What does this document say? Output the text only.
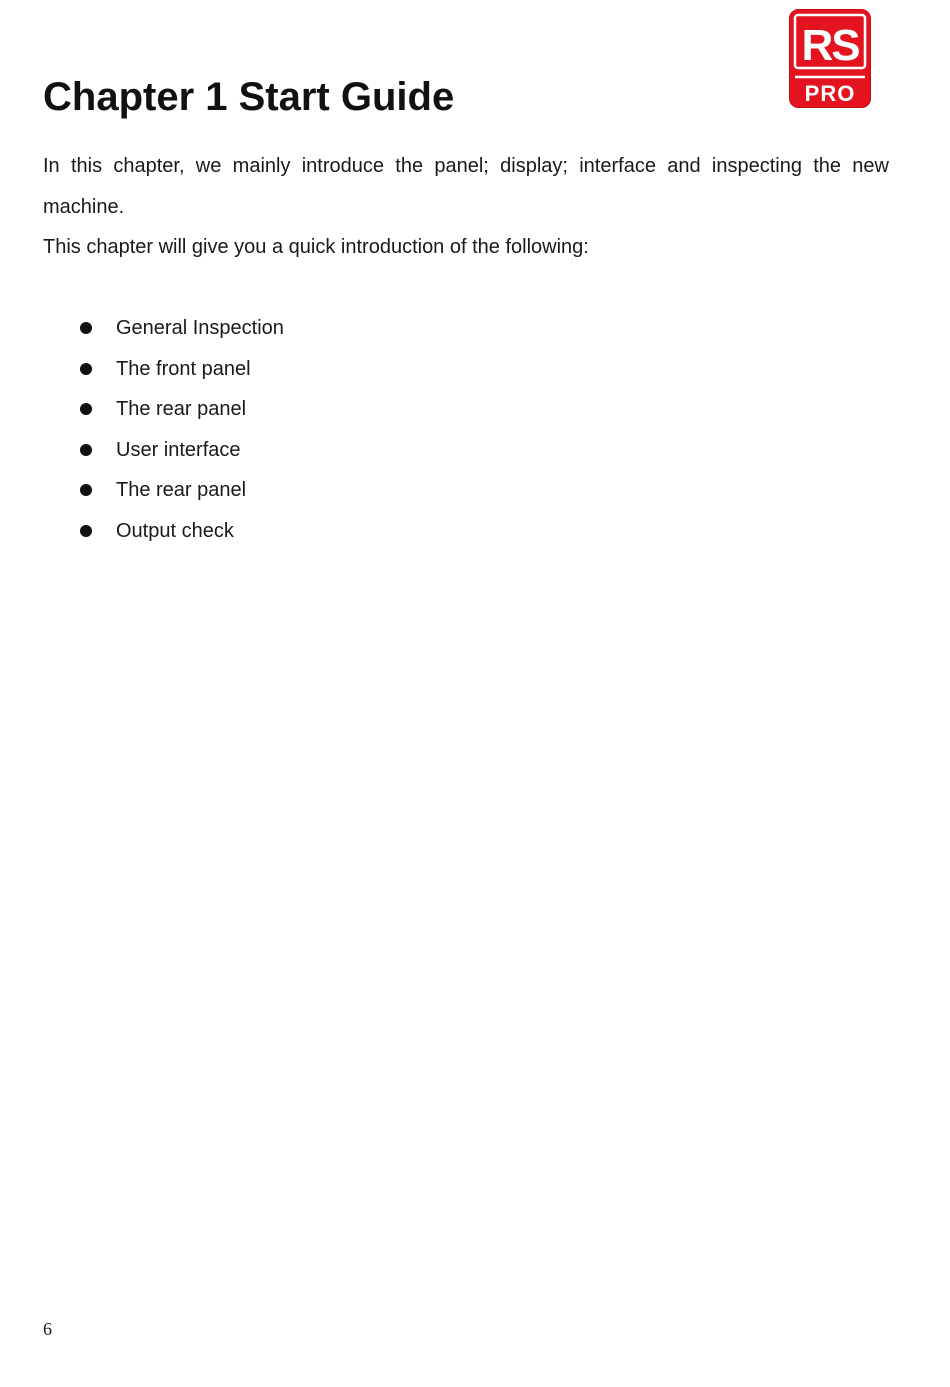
RS
PRO
Chapter 1 Start Guide

In this chapter, we mainly introduce the panel; display; interface and inspecting the new machine.

This chapter will give you a quick introduction of the following:

General Inspection
The front panel
The rear panel
User interface
The rear panel
Output check
6
